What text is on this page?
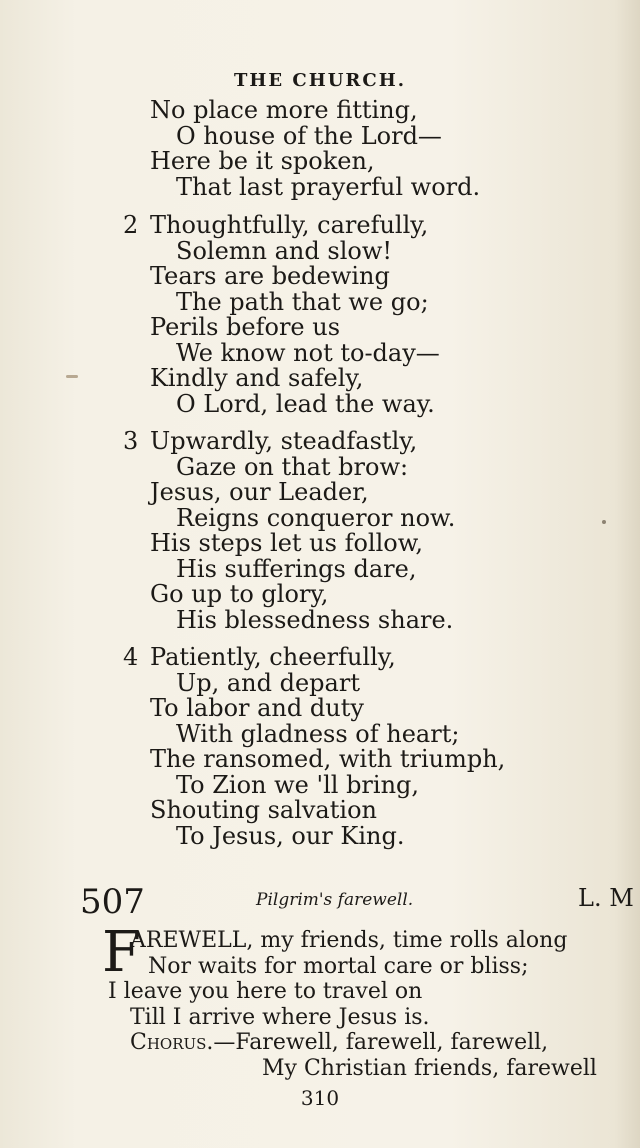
THE CHURCH.
No place more fitting,
O house of the Lord—
Here be it spoken,
That last prayerful word.
2 Thoughtfully, carefully,
Solemn and slow!
Tears are bedewing
The path that we go;
Perils before us
We know not to-day—
Kindly and safely,
O Lord, lead the way.
3 Upwardly, steadfastly,
Gaze on that brow:
Jesus, our Leader,
Reigns conqueror now.
His steps let us follow,
His sufferings dare,
Go up to glory,
His blessedness share.
4 Patiently, cheerfully,
Up, and depart
To labor and duty
With gladness of heart;
The ransomed, with triumph,
To Zion we 'll bring,
Shouting salvation
To Jesus, our King.
507	Pilgrim's farewell.	L. M
F
AREWELL, my friends, time rolls along
Nor waits for mortal care or bliss;
I leave you here to travel on
Till I arrive where Jesus is.
Chorus.—Farewell, farewell, farewell,
My Christian friends, farewell
310
